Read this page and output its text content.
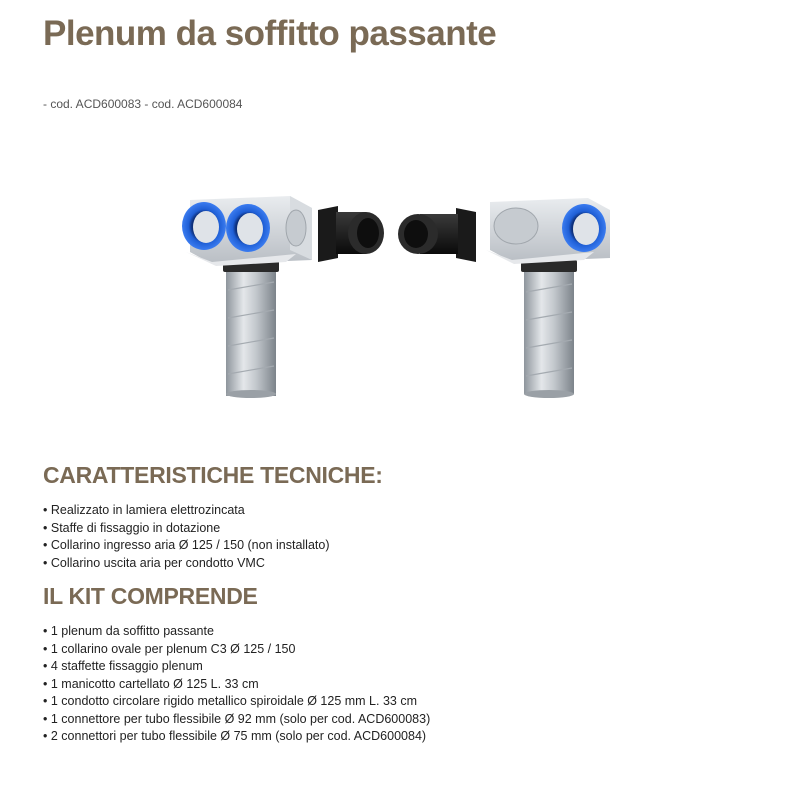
Plenum da soffitto passante
- cod. ACD600083 - cod. ACD600084
CARATTERISTICHE TECNICHE:
• Realizzato in lamiera elettrozincata
• Staffe di fissaggio in dotazione
• Collarino ingresso aria Ø 125 / 150 (non installato)
• Collarino uscita aria per condotto VMC
IL KIT COMPRENDE
• 1 plenum da soffitto passante
• 1 collarino ovale per plenum C3 Ø 125 / 150
• 4 staffette fissaggio plenum
• 1 manicotto cartellato Ø 125 L. 33 cm
• 1 condotto circolare rigido metallico spiroidale Ø 125 mm L. 33 cm
• 1 connettore per tubo flessibile Ø 92 mm (solo per cod. ACD600083)
• 2 connettori per tubo flessibile Ø 75 mm (solo per cod. ACD600084)
